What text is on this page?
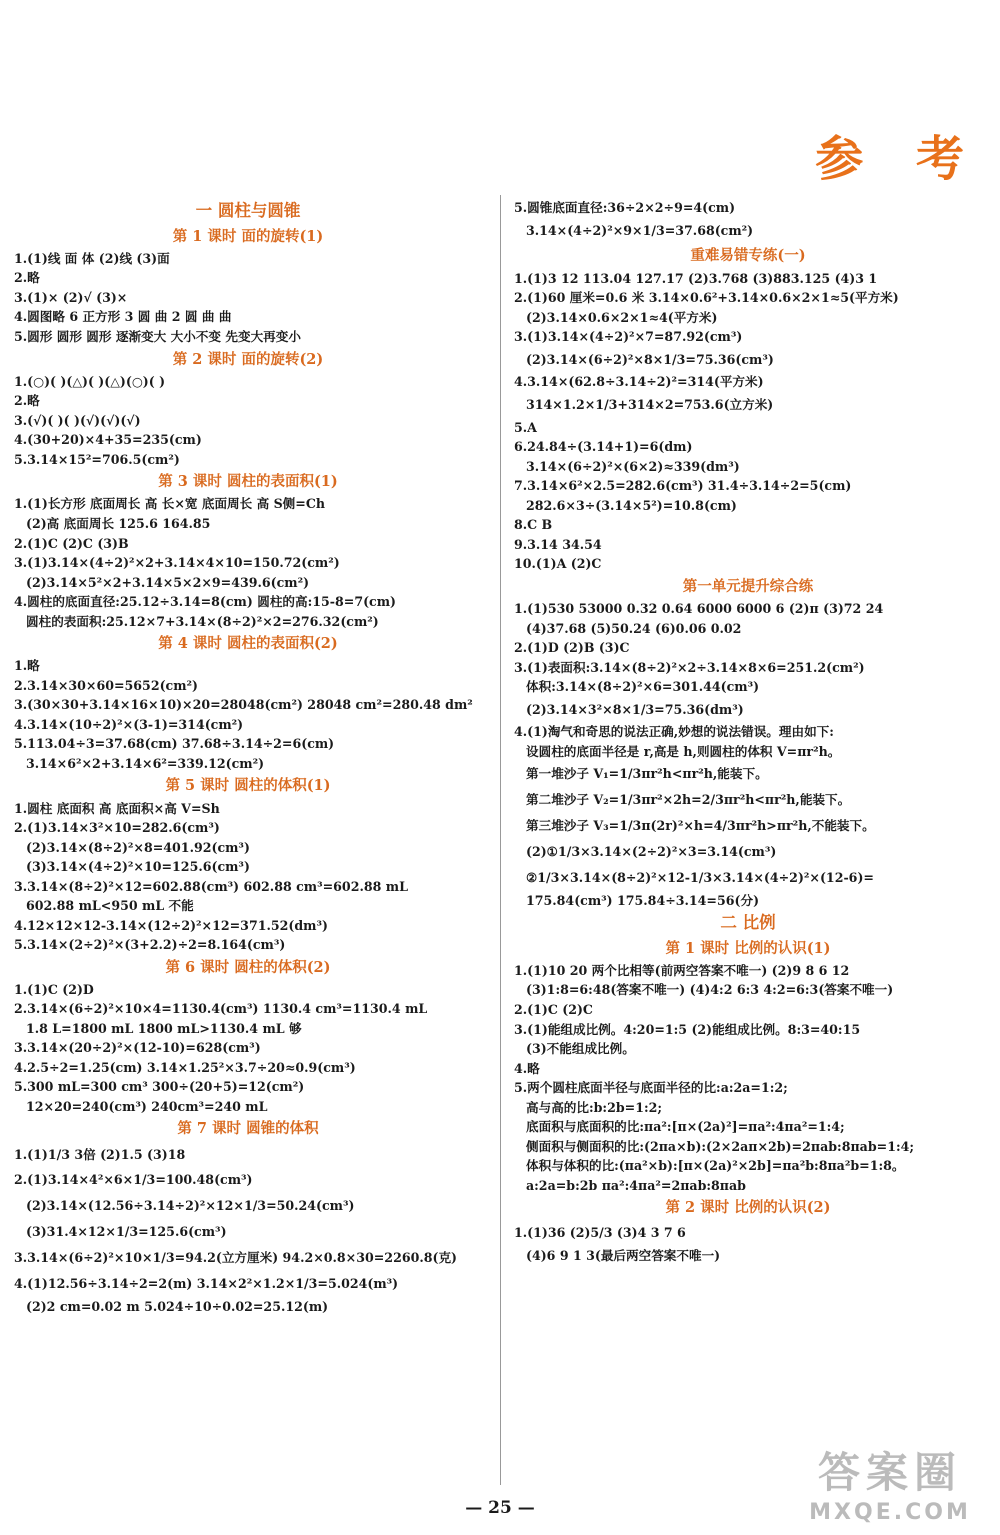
参 考
一 圆柱与圆锥
第 1 课时 面的旋转(1)
1.(1)线 面 体 (2)线 (3)面
2.略
3.(1)× (2)√ (3)×
4.圆图略 6 正方形 3 圆 曲 2 圆 曲 曲
5.圆形 圆形 圆形 逐渐变大 大小不变 先变大再变小
第 2 课时 面的旋转(2)
1.(○)( )(△)( )(△)(○)( )
2.略
3.(√)( )( )(√)(√)(√)
4.(30+20)×4+35=235(cm)
5.3.14×15²=706.5(cm²)
第 3 课时 圆柱的表面积(1)
1.(1)长方形 底面周长 高 长×宽 底面周长 高 S侧=Ch
(2)高 底面周长 125.6 164.85
2.(1)C (2)C (3)B
3.(1)3.14×(4÷2)²×2+3.14×4×10=150.72(cm²)
(2)3.14×5²×2+3.14×5×2×9=439.6(cm²)
4.圆柱的底面直径:25.12÷3.14=8(cm) 圆柱的高:15-8=7(cm)
圆柱的表面积:25.12×7+3.14×(8÷2)²×2=276.32(cm²)
第 4 课时 圆柱的表面积(2)
1.略
2.3.14×30×60=5652(cm²)
3.(30×30+3.14×16×10)×20=28048(cm²) 28048 cm²=280.48 dm²
4.3.14×(10÷2)²×(3-1)=314(cm²)
5.113.04÷3=37.68(cm) 37.68÷3.14÷2=6(cm)
3.14×6²×2+3.14×6²=339.12(cm²)
第 5 课时 圆柱的体积(1)
1.圆柱 底面积 高 底面积×高 V=Sh
2.(1)3.14×3²×10=282.6(cm³)
(2)3.14×(8÷2)²×8=401.92(cm³)
(3)3.14×(4÷2)²×10=125.6(cm³)
3.3.14×(8÷2)²×12=602.88(cm³) 602.88 cm³=602.88 mL
602.88 mL<950 mL 不能
4.12×12×12-3.14×(12÷2)²×12=371.52(dm³)
5.3.14×(2÷2)²×(3+2.2)÷2=8.164(cm³)
第 6 课时 圆柱的体积(2)
1.(1)C (2)D
2.3.14×(6÷2)²×10×4=1130.4(cm³) 1130.4 cm³=1130.4 mL
1.8 L=1800 mL 1800 mL>1130.4 mL 够
3.3.14×(20÷2)²×(12-10)=628(cm³)
4.2.5÷2=1.25(cm) 3.14×1.25²×3.7÷20≈0.9(cm³)
5.300 mL=300 cm³ 300÷(20+5)=12(cm²)
12×20=240(cm³) 240cm³=240 mL
第 7 课时 圆锥的体积
1.(1)1/3 3倍 (2)1.5 (3)18
2.(1)3.14×4²×6×1/3=100.48(cm³)
(2)3.14×(12.56÷3.14÷2)²×12×1/3=50.24(cm³)
(3)31.4×12×1/3=125.6(cm³)
3.3.14×(6÷2)²×10×1/3=94.2(立方厘米) 94.2×0.8×30=2260.8(克)
4.(1)12.56÷3.14÷2=2(m) 3.14×2²×1.2×1/3=5.024(m³)
(2)2 cm=0.02 m 5.024÷10÷0.02=25.12(m)
5.圆锥底面直径:36÷2×2÷9=4(cm)
3.14×(4÷2)²×9×1/3=37.68(cm²)
重难易错专练(一)
1.(1)3 12 113.04 127.17 (2)3.768 (3)883.125 (4)3 1
2.(1)60 厘米=0.6 米 3.14×0.6²+3.14×0.6×2×1≈5(平方米)
(2)3.14×0.6×2×1≈4(平方米)
3.(1)3.14×(4÷2)²×7=87.92(cm³)
(2)3.14×(6÷2)²×8×1/3=75.36(cm³)
4.3.14×(62.8÷3.14÷2)²=314(平方米)
314×1.2×1/3+314×2=753.6(立方米)
5.A
6.24.84÷(3.14+1)=6(dm)
3.14×(6÷2)²×(6×2)≈339(dm³)
7.3.14×6²×2.5=282.6(cm³) 31.4÷3.14÷2=5(cm)
282.6×3÷(3.14×5²)=10.8(cm)
8.C B
9.3.14 34.54
10.(1)A (2)C
第一单元提升综合练
1.(1)530 53000 0.32 0.64 6000 6000 6 (2)π (3)72 24
(4)37.68 (5)50.24 (6)0.06 0.02
2.(1)D (2)B (3)C
3.(1)表面积:3.14×(8÷2)²×2÷3.14×8×6=251.2(cm²)
体积:3.14×(8÷2)²×6=301.44(cm³)
(2)3.14×3²×8×1/3=75.36(dm³)
4.(1)淘气和奇思的说法正确,妙想的说法错误。理由如下:
设圆柱的底面半径是 r,高是 h,则圆柱的体积 V=πr²h。
第一堆沙子 V₁=1/3πr²h<πr²h,能装下。
第二堆沙子 V₂=1/3πr²×2h=2/3πr²h<πr²h,能装下。
第三堆沙子 V₃=1/3π(2r)²×h=4/3πr²h>πr²h,不能装下。
(2)①1/3×3.14×(2÷2)²×3=3.14(cm³)
②1/3×3.14×(8÷2)²×12-1/3×3.14×(4÷2)²×(12-6)=
175.84(cm³) 175.84÷3.14=56(分)
二 比例
第 1 课时 比例的认识(1)
1.(1)10 20 两个比相等(前两空答案不唯一) (2)9 8 6 12
(3)1:8=6:48(答案不唯一) (4)4:2 6:3 4:2=6:3(答案不唯一)
2.(1)C (2)C
3.(1)能组成比例。4:20=1:5 (2)能组成比例。8:3=40:15
(3)不能组成比例。
4.略
5.两个圆柱底面半径与底面半径的比:a:2a=1:2;
高与高的比:b:2b=1:2;
底面积与底面积的比:πa²:[π×(2a)²]=πa²:4πa²=1:4;
侧面积与侧面积的比:(2πa×b):(2×2aπ×2b)=2πab:8πab=1:4;
体积与体积的比:(πa²×b):[π×(2a)²×2b]=πa²b:8πa²b=1:8。
a:2a=b:2b πa²:4πa²=2πab:8πab
第 2 课时 比例的认识(2)
1.(1)36 (2)5/3 (3)4 3 7 6
(4)6 9 1 3(最后两空答案不唯一)
— 25 —
答案圈
MXQE.COM
